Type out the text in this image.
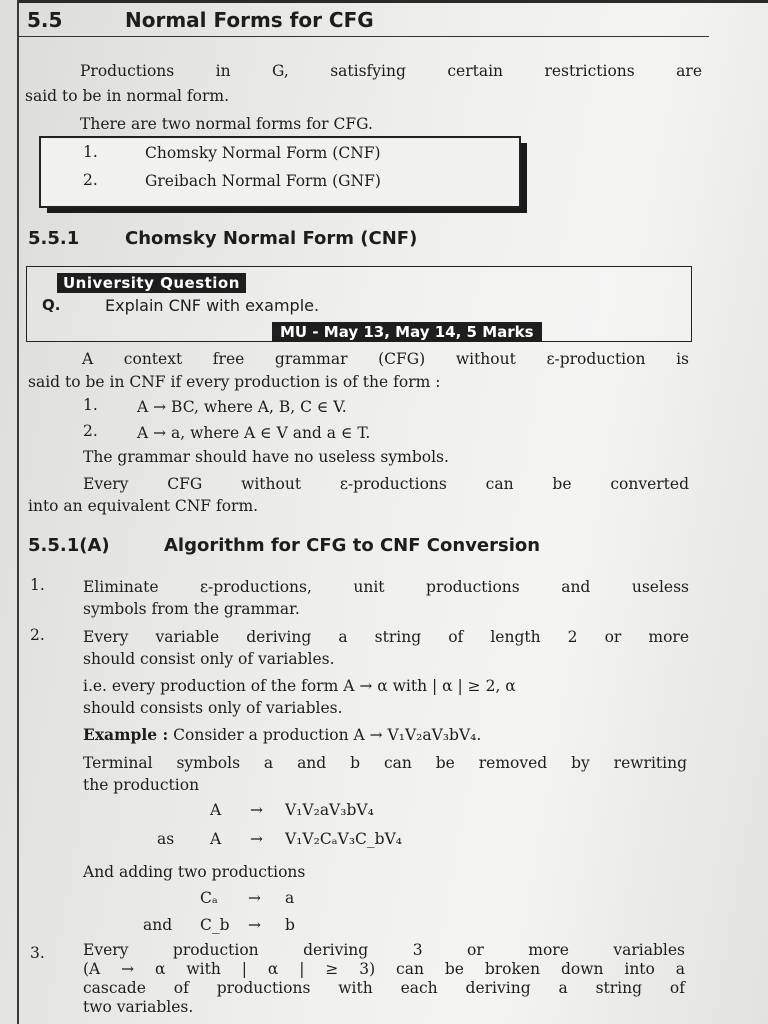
5.5	Normal Forms for CFG
Productions in G, satisfying certain restrictions are
said to be in normal form.
There are two normal forms for CFG.
1.	Chomsky Normal Form (CNF)
2.	Greibach Normal Form (GNF)
5.5.1	Chomsky Normal Form (CNF)
University Question
Q.	Explain CNF with example.
MU - May 13, May 14, 5 Marks
A context free grammar (CFG) without ε-production is
said to be in CNF if every production is of the form :
1.	A → BC, where A, B, C ∈ V.
2.	A → a, where A ∈ V and a ∈ T.
The grammar should have no useless symbols.
Every CFG without ε-productions can be converted
into an equivalent CNF form.
5.5.1(A)	Algorithm for CFG to CNF Conversion
1. Eliminate ε-productions, unit productions and useless
symbols from the grammar.
2. Every variable deriving a string of length 2 or more
should consist only of variables.
i.e. every production of the form A → α with | α | ≥ 2, α
should consists only of variables.
Example : Consider a production A → V₁V₂aV₃bV₄.
Terminal symbols a and b can be removed by rewriting
the production
A → V₁V₂aV₃bV₄
as A → V₁V₂CₐV₃C_bV₄
And adding two productions
Cₐ → a
and C_b → b
3. Every production deriving 3 or more variables
(A → α with | α | ≥ 3) can be broken down into a
cascade of productions with each deriving a string of
two variables.
